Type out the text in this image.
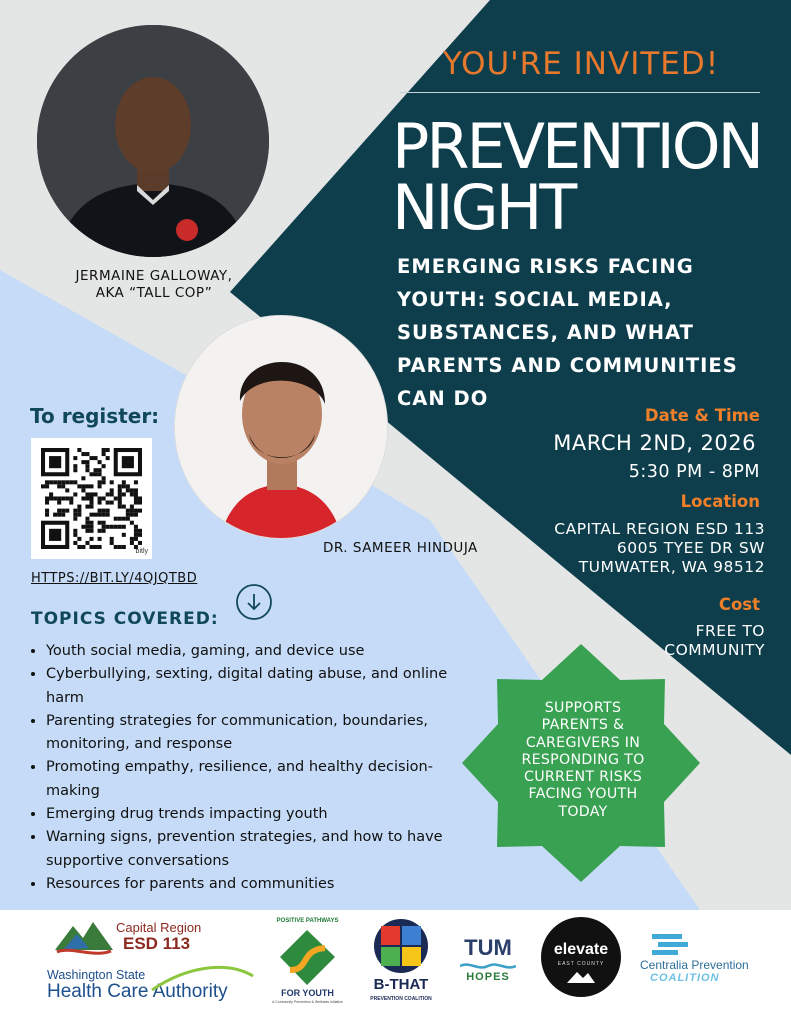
YOU'RE INVITED!
PREVENTION
NIGHT
EMERGING RISKS FACING YOUTH: SOCIAL MEDIA, SUBSTANCES, AND WHAT PARENTS AND COMMUNITIES CAN DO
JERMAINE GALLOWAY,
AKA “TALL COP”
DR. SAMEER HINDUJA
Date & Time
MARCH 2ND, 2026
5:30 PM - 8PM
Location
CAPITAL REGION ESD 113
6005 TYEE DR SW
TUMWATER, WA 98512
Cost
FREE TO
COMMUNITY
To register:
bitly
HTTPS://BIT.LY/4QJQTBD
TOPICS COVERED:
• Youth social media, gaming, and device use
• Cyberbullying, sexting, digital dating abuse, and online harm
• Parenting strategies for communication, boundaries, monitoring, and response
• Promoting empathy, resilience, and healthy decision-making
• Emerging drug trends impacting youth
• Warning signs, prevention strategies, and how to have supportive conversations
• Resources for parents and communities
SUPPORTS PARENTS & CAREGIVERS IN RESPONDING TO CURRENT RISKS FACING YOUTH TODAY
Capital Region
ESD 113
Washington State
Health Care Authority
POSITIVE PATHWAYS
FOR YOUTH
A Community Prevention & Wellness Initiative
B-THAT
PREVENTION COALITION
TUM
HOPES
elevate
EAST COUNTY	Centralia Prevention
COALITION
